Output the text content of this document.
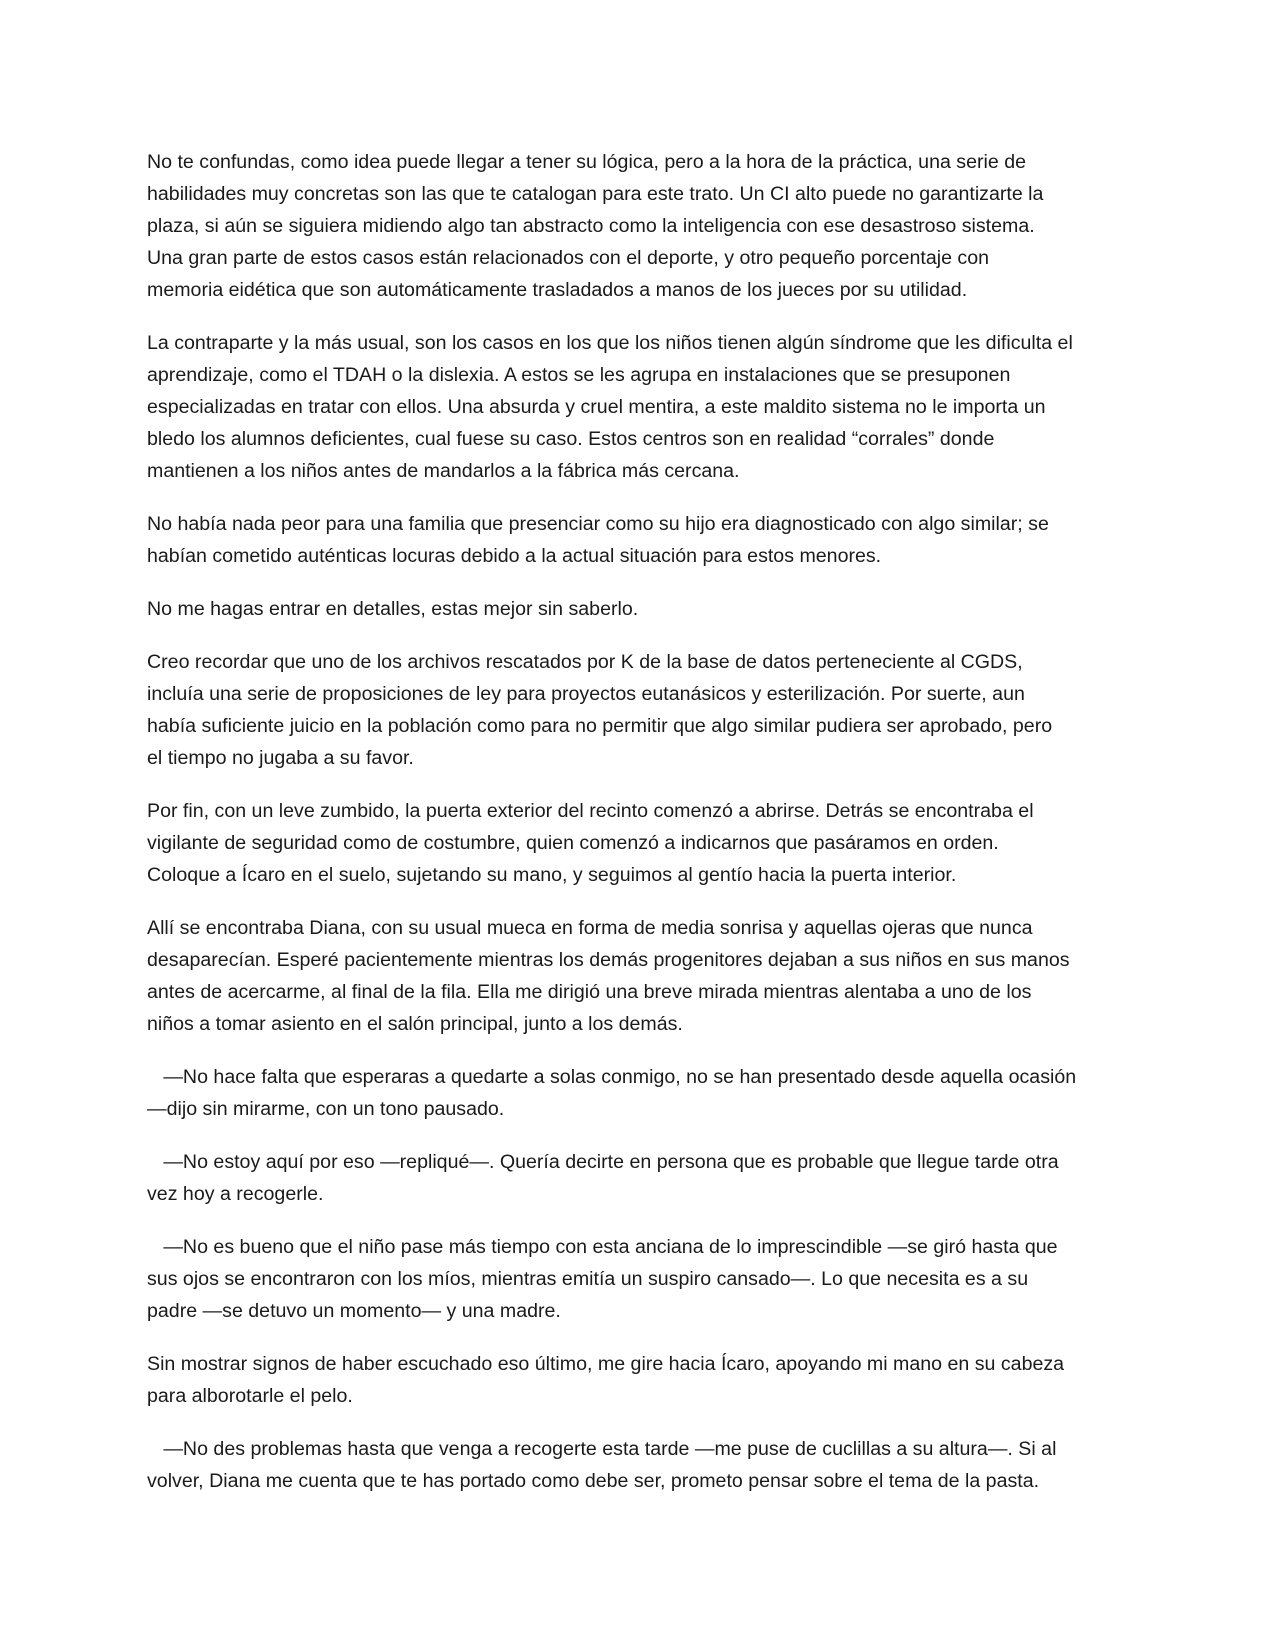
No te confundas, como idea puede llegar a tener su lógica, pero a la hora de la práctica, una serie de
habilidades muy concretas son las que te catalogan para este trato. Un CI alto puede no garantizarte la
plaza, si aún se siguiera midiendo algo tan abstracto como la inteligencia con ese desastroso sistema.
Una gran parte de estos casos están relacionados con el deporte, y otro pequeño porcentaje con
memoria eidética que son automáticamente trasladados a manos de los jueces por su utilidad.

La contraparte y la más usual, son los casos en los que los niños tienen algún síndrome que les dificulta el
aprendizaje, como el TDAH o la dislexia. A estos se les agrupa en instalaciones que se presuponen
especializadas en tratar con ellos. Una absurda y cruel mentira, a este maldito sistema no le importa un
bledo los alumnos deficientes, cual fuese su caso. Estos centros son en realidad “corrales” donde
mantienen a los niños antes de mandarlos a la fábrica más cercana.

No había nada peor para una familia que presenciar como su hijo era diagnosticado con algo similar; se
habían cometido auténticas locuras debido a la actual situación para estos menores.

No me hagas entrar en detalles, estas mejor sin saberlo.

Creo recordar que uno de los archivos rescatados por K de la base de datos perteneciente al CGDS,
incluía una serie de proposiciones de ley para proyectos eutanásicos y esterilización. Por suerte, aun
había suficiente juicio en la población como para no permitir que algo similar pudiera ser aprobado, pero
el tiempo no jugaba a su favor.

Por fin, con un leve zumbido, la puerta exterior del recinto comenzó a abrirse. Detrás se encontraba el
vigilante de seguridad como de costumbre, quien comenzó a indicarnos que pasáramos en orden.
Coloque a Ícaro en el suelo, sujetando su mano, y seguimos al gentío hacia la puerta interior.

Allí se encontraba Diana, con su usual mueca en forma de media sonrisa y aquellas ojeras que nunca
desaparecían. Esperé pacientemente mientras los demás progenitores dejaban a sus niños en sus manos
antes de acercarme, al final de la fila. Ella me dirigió una breve mirada mientras alentaba a uno de los
niños a tomar asiento en el salón principal, junto a los demás.

—No hace falta que esperaras a quedarte a solas conmigo, no se han presentado desde aquella ocasión
—dijo sin mirarme, con un tono pausado.

—No estoy aquí por eso —repliqué—. Quería decirte en persona que es probable que llegue tarde otra
vez hoy a recogerle.

—No es bueno que el niño pase más tiempo con esta anciana de lo imprescindible —se giró hasta que
sus ojos se encontraron con los míos, mientras emitía un suspiro cansado—. Lo que necesita es a su
padre —se detuvo un momento— y una madre.

Sin mostrar signos de haber escuchado eso último, me gire hacia Ícaro, apoyando mi mano en su cabeza
para alborotarle el pelo.

—No des problemas hasta que venga a recogerte esta tarde —me puse de cuclillas a su altura—. Si al
volver, Diana me cuenta que te has portado como debe ser, prometo pensar sobre el tema de la pasta.
